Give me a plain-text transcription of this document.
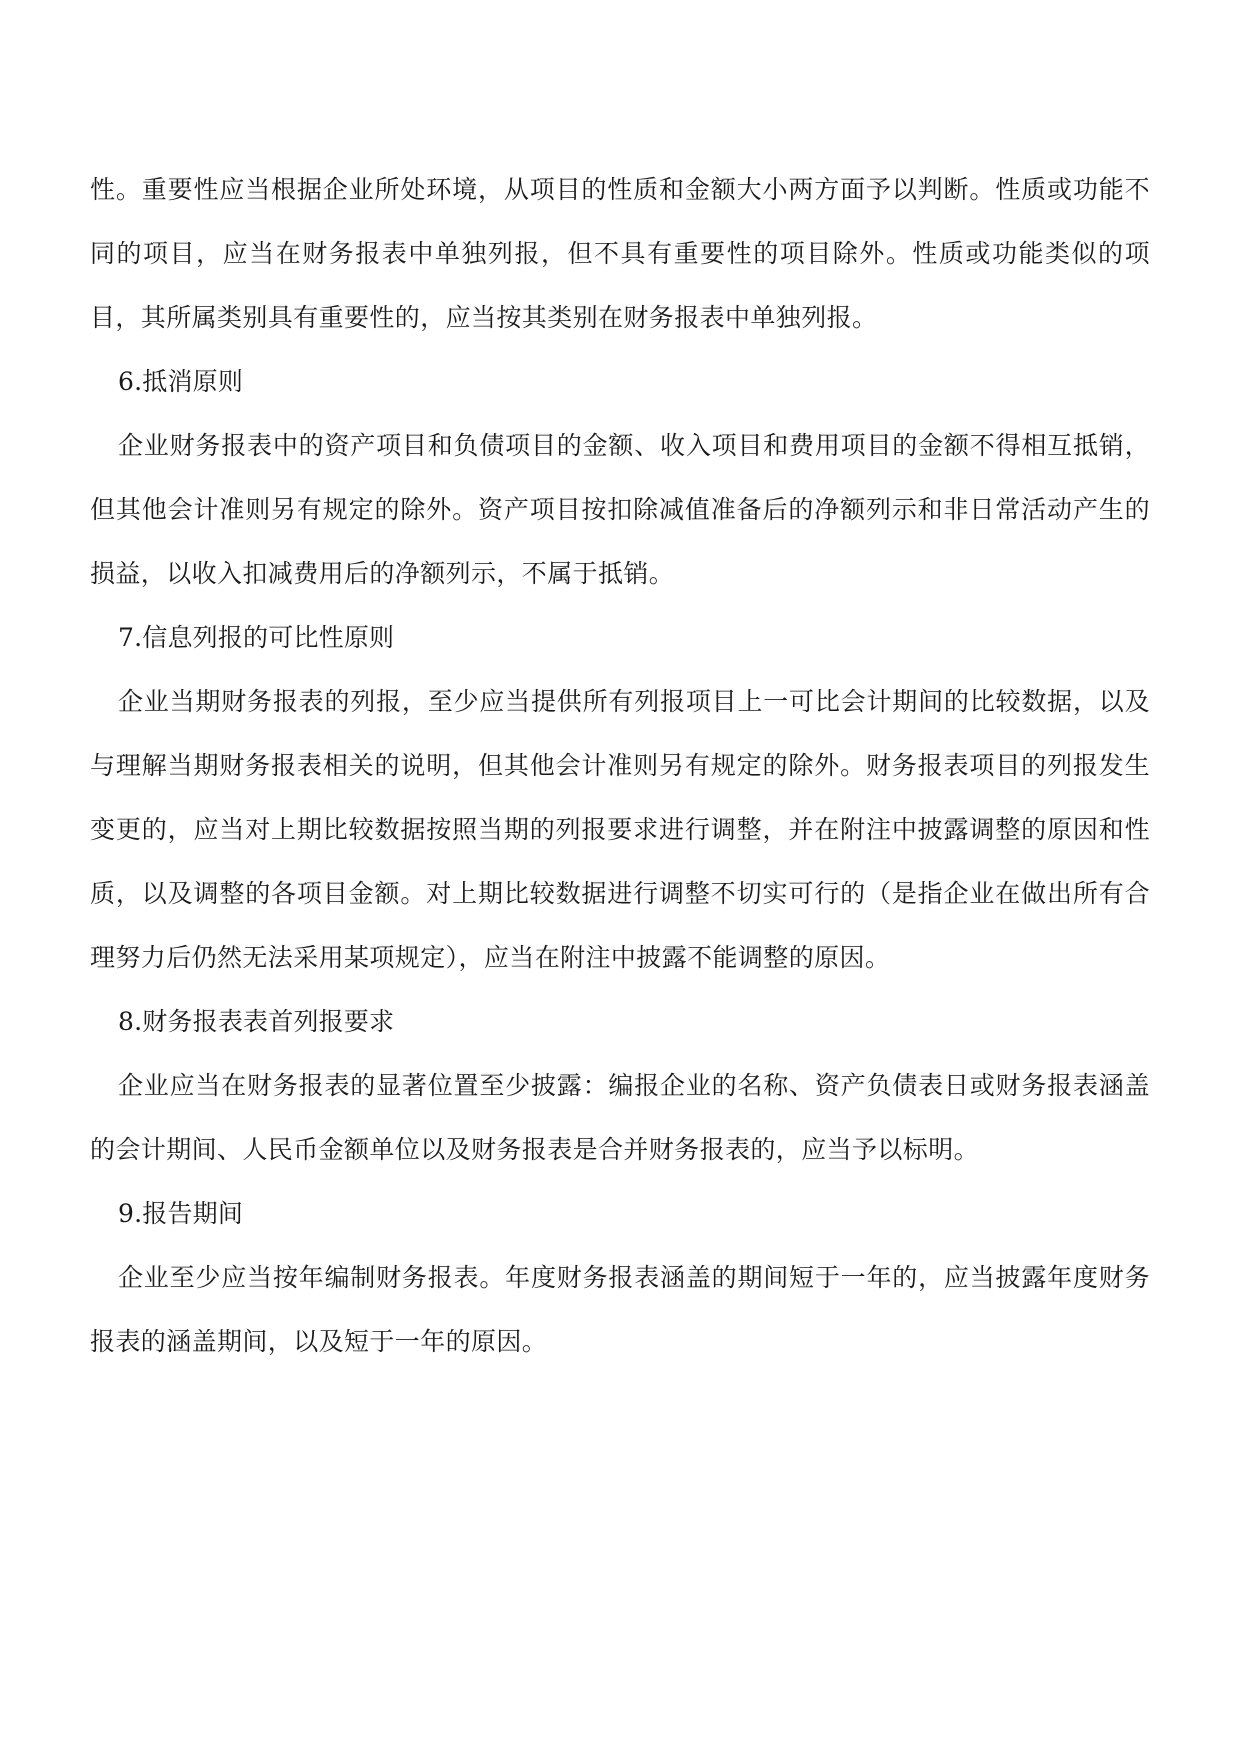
性。重要性应当根据企业所处环境，从项目的性质和金额大小两方面予以判断。性质或功能不同的项目，应当在财务报表中单独列报，但不具有重要性的项目除外。性质或功能类似的项目，其所属类别具有重要性的，应当按其类别在财务报表中单独列报。

6.抵消原则

企业财务报表中的资产项目和负债项目的金额、收入项目和费用项目的金额不得相互抵销，但其他会计准则另有规定的除外。资产项目按扣除减值准备后的净额列示和非日常活动产生的损益，以收入扣减费用后的净额列示，不属于抵销。

7.信息列报的可比性原则

企业当期财务报表的列报，至少应当提供所有列报项目上一可比会计期间的比较数据，以及与理解当期财务报表相关的说明，但其他会计准则另有规定的除外。财务报表项目的列报发生变更的，应当对上期比较数据按照当期的列报要求进行调整，并在附注中披露调整的原因和性质，以及调整的各项目金额。对上期比较数据进行调整不切实可行的（是指企业在做出所有合理努力后仍然无法采用某项规定），应当在附注中披露不能调整的原因。

8.财务报表表首列报要求

企业应当在财务报表的显著位置至少披露：编报企业的名称、资产负债表日或财务报表涵盖的会计期间、人民币金额单位以及财务报表是合并财务报表的，应当予以标明。

9.报告期间

企业至少应当按年编制财务报表。年度财务报表涵盖的期间短于一年的，应当披露年度财务报表的涵盖期间，以及短于一年的原因。
